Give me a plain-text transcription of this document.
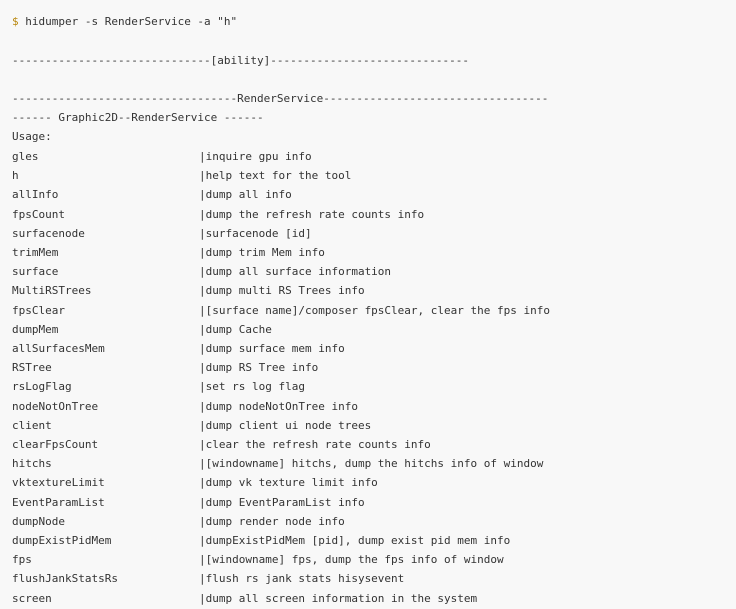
$ hidumper -s RenderService -a "h"
------------------------------[ability]------------------------------
----------------------------------RenderService----------------------------------
------ Graphic2D--RenderService ------
Usage:
gles	|inquire gpu info
h	|help text for the tool
allInfo	|dump all info
fpsCount	|dump the refresh rate counts info
surfacenode	|surfacenode [id]
trimMem	|dump trim Mem info
surface	|dump all surface information
MultiRSTrees	|dump multi RS Trees info
fpsClear	|[surface name]/composer fpsClear, clear the fps info
dumpMem	|dump Cache
allSurfacesMem	|dump surface mem info
RSTree	|dump RS Tree info
rsLogFlag	|set rs log flag
nodeNotOnTree	|dump nodeNotOnTree info
client	|dump client ui node trees
clearFpsCount	|clear the refresh rate counts info
hitchs	|[windowname] hitchs, dump the hitchs info of window
vktextureLimit	|dump vk texture limit info
EventParamList	|dump EventParamList info
dumpNode	|dump render node info
dumpExistPidMem	|dumpExistPidMem [pid], dump exist pid mem info
fps	|[windowname] fps, dump the fps info of window
flushJankStatsRs	|flush rs jank stats hisysevent
screen	|dump all screen information in the system
